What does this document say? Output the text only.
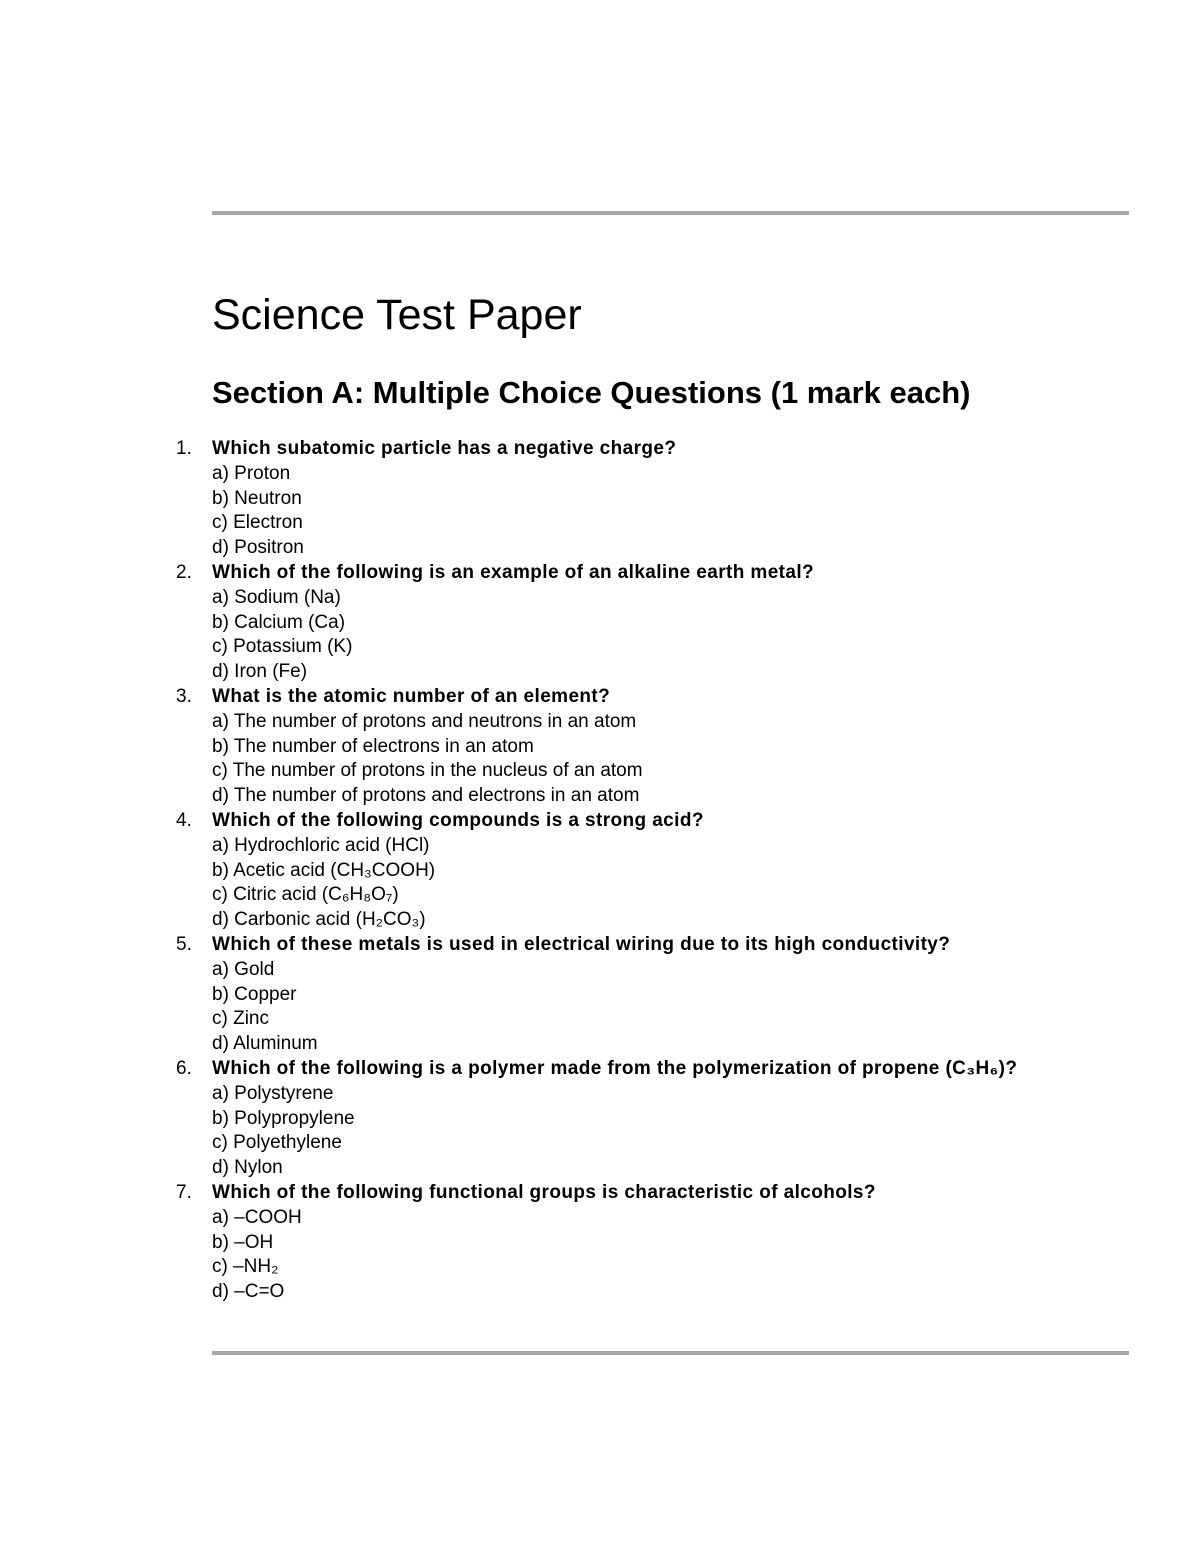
Science Test Paper
Section A: Multiple Choice Questions (1 mark each)
1. Which subatomic particle has a negative charge?
a) Proton
b) Neutron
c) Electron
d) Positron
2. Which of the following is an example of an alkaline earth metal?
a) Sodium (Na)
b) Calcium (Ca)
c) Potassium (K)
d) Iron (Fe)
3. What is the atomic number of an element?
a) The number of protons and neutrons in an atom
b) The number of electrons in an atom
c) The number of protons in the nucleus of an atom
d) The number of protons and electrons in an atom
4. Which of the following compounds is a strong acid?
a) Hydrochloric acid (HCl)
b) Acetic acid (CH₃COOH)
c) Citric acid (C₆H₈O₇)
d) Carbonic acid (H₂CO₃)
5. Which of these metals is used in electrical wiring due to its high conductivity?
a) Gold
b) Copper
c) Zinc
d) Aluminum
6. Which of the following is a polymer made from the polymerization of propene (C₃H₆)?
a) Polystyrene
b) Polypropylene
c) Polyethylene
d) Nylon
7. Which of the following functional groups is characteristic of alcohols?
a) –COOH
b) –OH
c) –NH₂
d) –C=O
